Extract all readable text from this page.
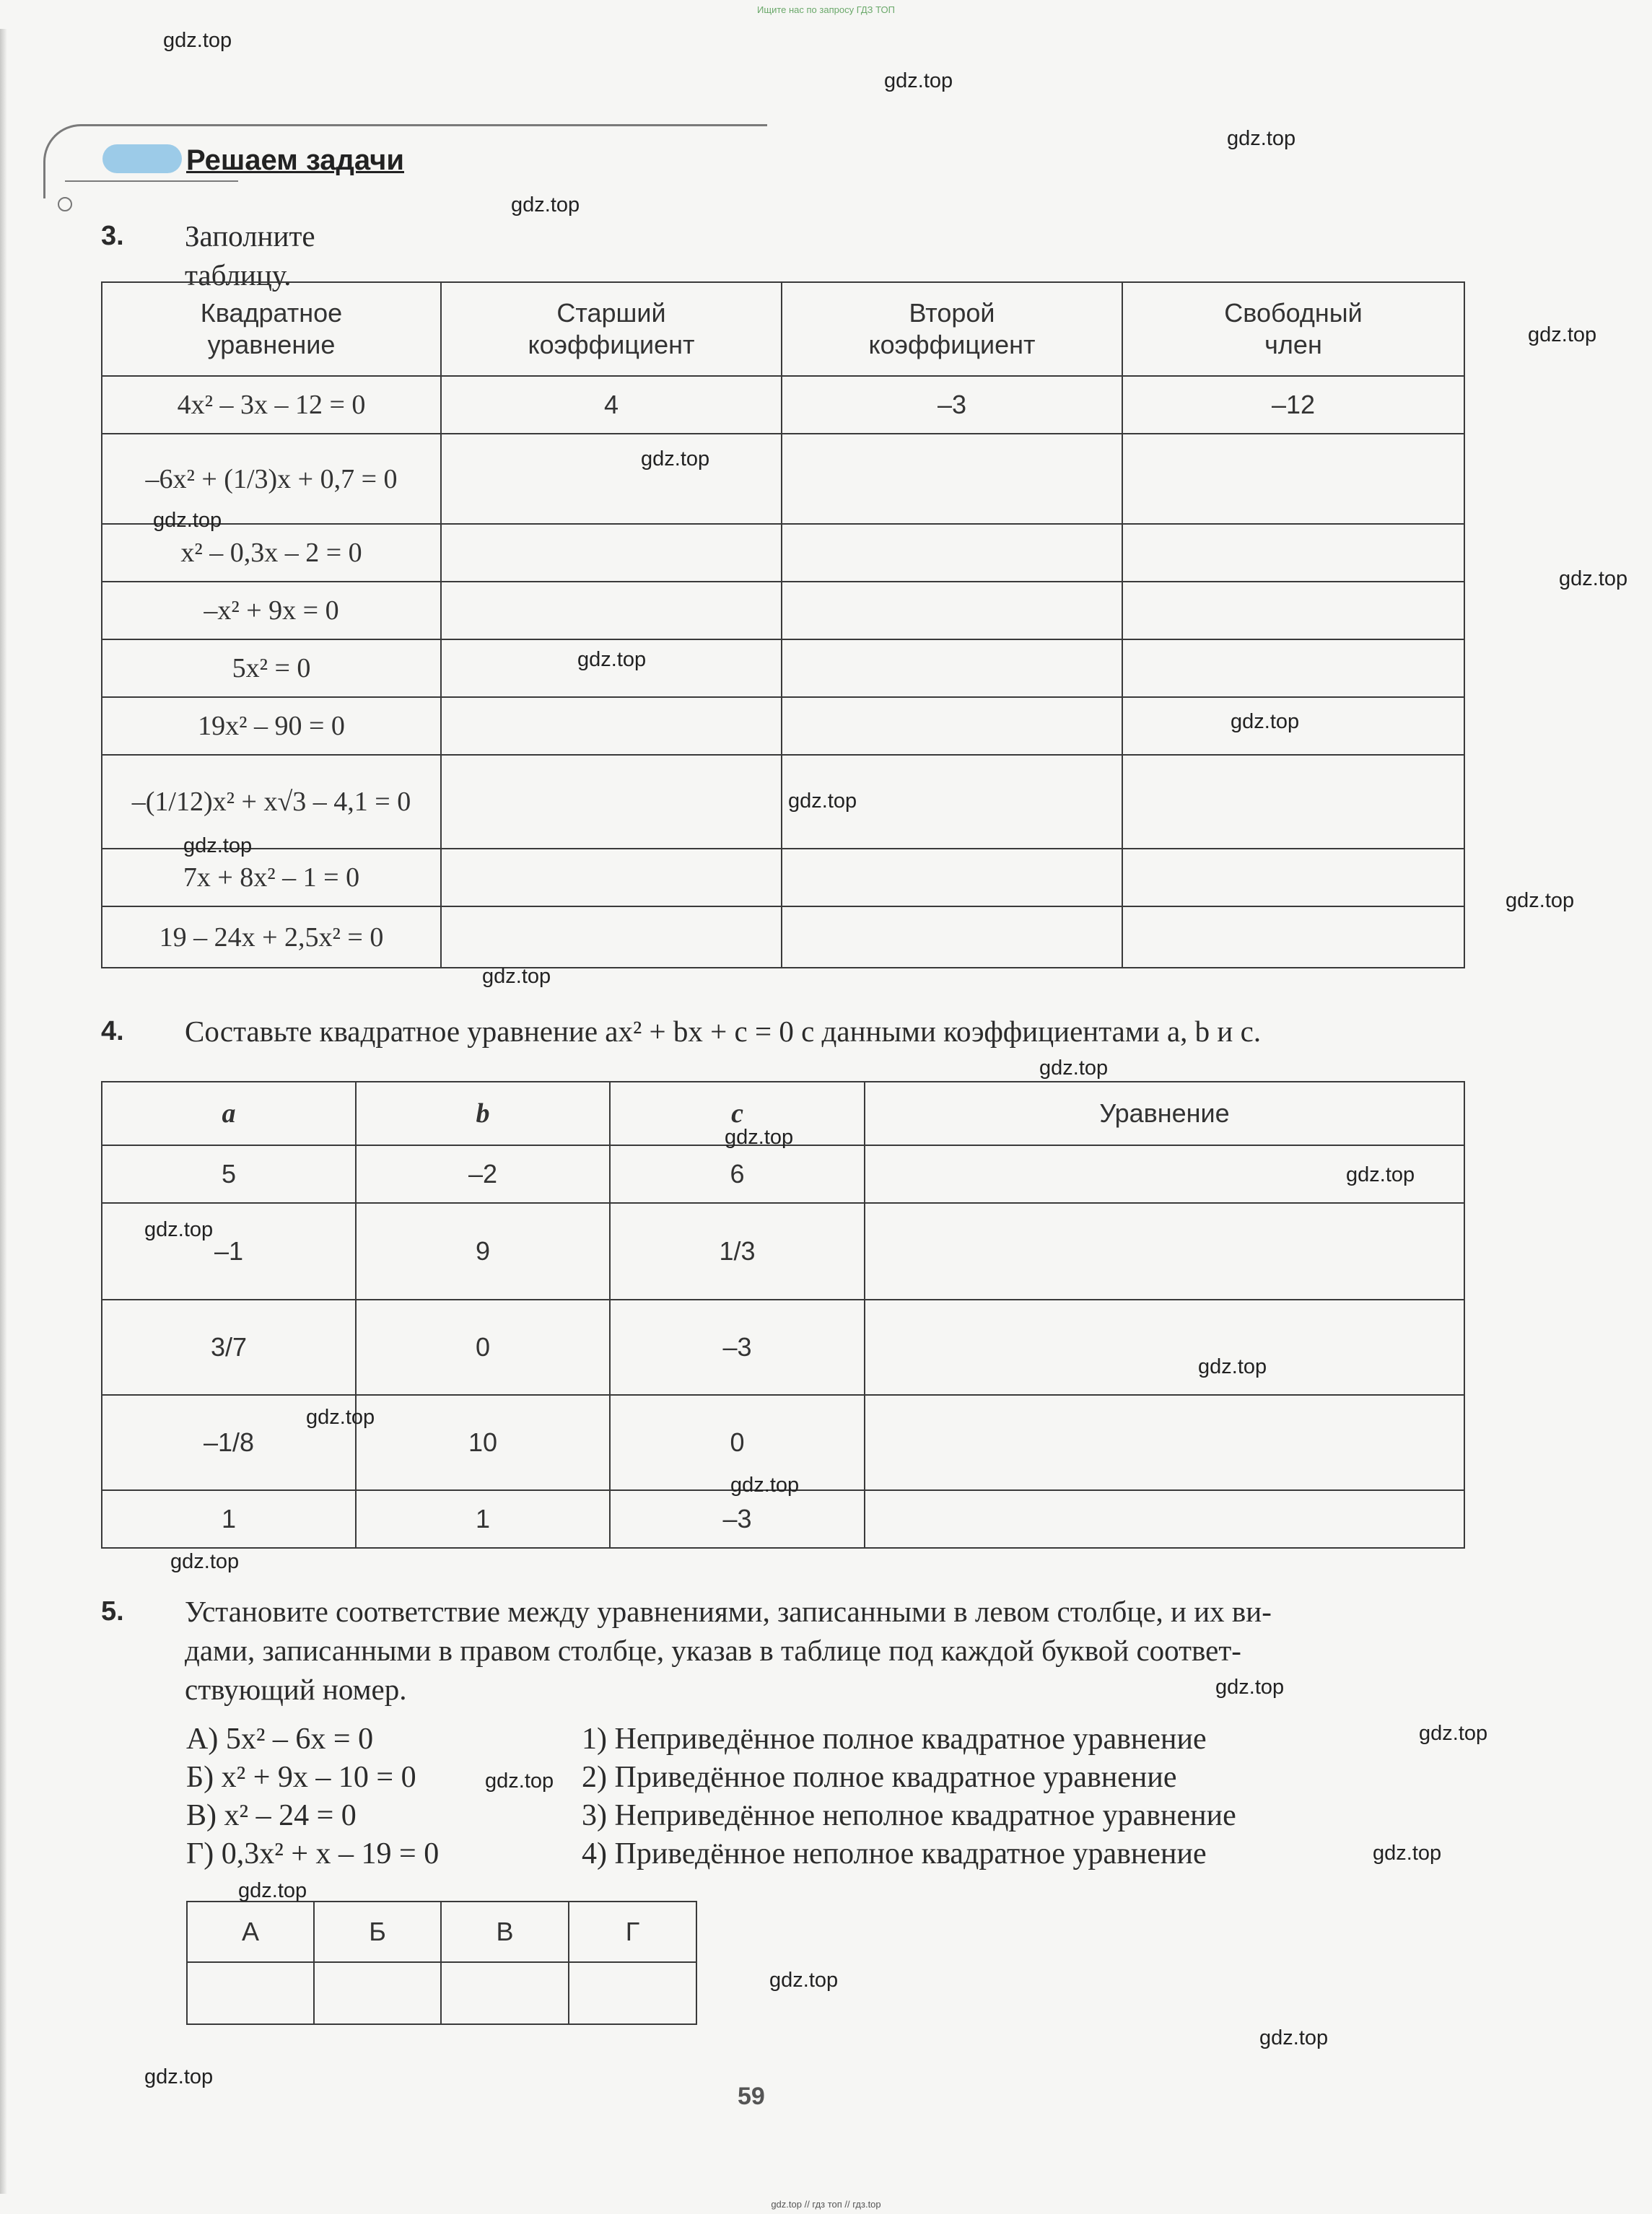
Ищите нас по запросу ГДЗ ТОП
Решаем задачи
3. Заполните таблицу.
Квадратное уравнение	Старший коэффициент	Второй коэффициент	Свободный член
4x² – 3x – 12 = 0	4	–3	–12
–6x² + (1/3)x + 0,7 = 0			
x² – 0,3x – 2 = 0			
–x² + 9x = 0			
5x² = 0			
19x² – 90 = 0			
–(1/12)x² + x√3 – 4,1 = 0			
7x + 8x² – 1 = 0			
19 – 24x + 2,5x² = 0			
4. Составьте квадратное уравнение ax² + bx + c = 0 с данными коэффициентами a, b и c.
a	b	c	Уравнение
5	–2	6	
–1	9	1/3	
3/7	0	–3	
–1/8	10	0	
1	1	–3	
5. Установите соответствие между уравнениями, записанными в левом столбце, и их ви-
дами, записанными в правом столбце, указав в таблице под каждой буквой соответ-
ствующий номер.
А) 5x² – 6x = 0
Б) x² + 9x – 10 = 0
В) x² – 24 = 0
Г) 0,3x² + x – 19 = 0
1) Неприведённое полное квадратное уравнение
2) Приведённое полное квадратное уравнение
3) Неприведённое неполное квадратное уравнение
4) Приведённое неполное квадратное уравнение
А	Б	В	Г

59
gdz.top // гдз топ // гдз.top
gdz.top
gdz.top
gdz.top
gdz.top
gdz.top
gdz.top
gdz.top
gdz.top
gdz.top
gdz.top
gdz.top
gdz.top
gdz.top
gdz.top
gdz.top
gdz.top
gdz.top
gdz.top
gdz.top
gdz.top
gdz.top
gdz.top
gdz.top
gdz.top
gdz.top
gdz.top
gdz.top
gdz.top
gdz.top
gdz.top
